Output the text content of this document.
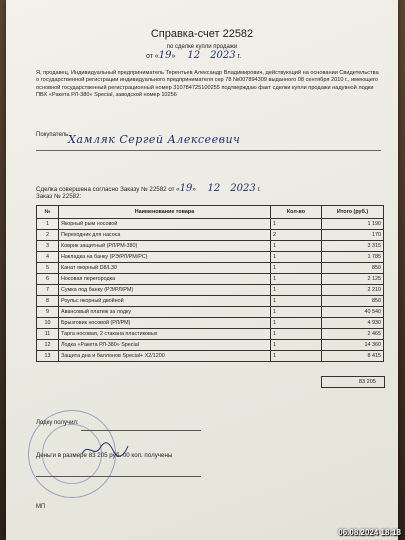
Справка-счет 22582
по сделке купли продажи
от «19» 12 2023 г.
Я, продавец, Индивидуальный предприниматель Терентьев Александр Владимирович, действующий на основании Свидетельства о государственной регистрации индивидуального предпринимателя сер 78 №007894309 выданного 08 сентября 2010 г., имеющего основной государственный регистрационный номер 310784725100255 подтверждаю факт сделки купли продажи надувной лодки ПВХ «Ракета РЛ-380» Special, заводской номер 10256
Покупатель:
Хамляк Сергей Алексеевич
Сделка совершена согласно Заказу № 22582 от «19» 12 2023 г.
Заказ № 22582:
№	Наименование товара	Кол-во	Итого (руб.)
1	Якорный рым носовой	1	1 190
2	Переходник для насоса	2	170
3	Коврик защитный (РЛ/РМ-380)	1	3 315
4	Накладка на банку (РЭ/РЛ/РМ/РС)	1	1 785
5	Канат якорный D8/L30	1	850
6	Носовая перегородка	1	2 125
7	Сумка под банку (РЭ/РЛ/РМ)	1	2 210
8	Роульс якорный двойной	1	850
9	Авансовый платеж за лодку	1	40 540
10	Брызговик носовой (РЛ/РМ)	1	4 930
11	Тарга носовая, 2 стакана пластиковых	1	2 465
12	Лодка «Ракета РЛ-380» Special	1	14 360
13	Защита дна и баллонов Special+ Х2/1200	1	8 415
83 205
Лодку получил:
Деньги в размере 83 205 руб. 00 коп. получены
МП
06.08.2024 18:18
